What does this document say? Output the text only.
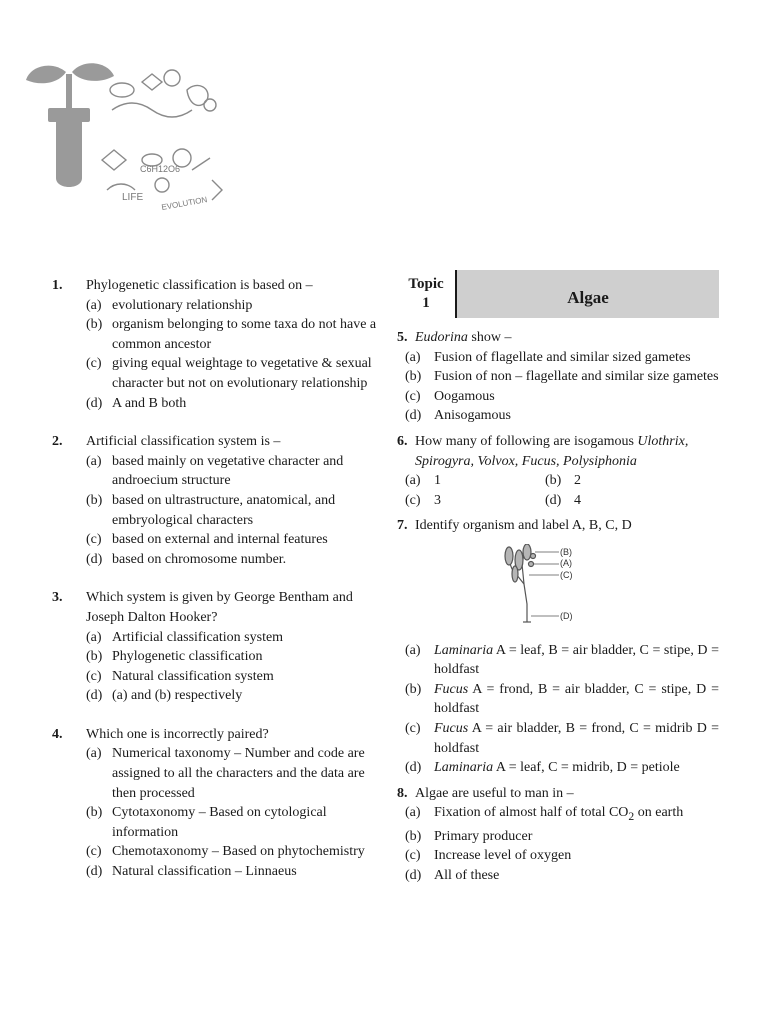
C6H12O6
LIFE EVOLUTION
1.	Phylogenetic classification is based on –
(a) evolutionary relationship
(b) organism belonging to some taxa do not have a common ancestor
(c) giving equal weightage to vegetative & sexual character but not on evolutionary relationship
(d) A and B both
2.	Artificial classification system is –
(a) based mainly on vegetative character and androecium structure
(b) based on ultrastructure, anatomical, and embryological characters
(c) based on external and internal features
(d) based on chromosome number.
3.	Which system is given by George Bentham and Joseph Dalton Hooker?
(a) Artificial classification system
(b) Phylogenetic classification
(c) Natural classification system
(d) (a) and (b) respectively
4.	Which one is incorrectly paired?
(a) Numerical taxonomy – Number and code are assigned to all the characters and the data are then processed
(b) Cytotaxonomy – Based on cytological information
(c) Chemotaxonomy – Based on phytochemistry
(d) Natural classification – Linnaeus
Topic
1	Algae
5. Eudorina show –
(a) Fusion of flagellate and similar sized gametes
(b) Fusion of non – flagellate and similar size gametes
(c) Oogamous
(d) Anisogamous
6. How many of following are isogamous Ulothrix, Spirogyra, Volvox, Fucus, Polysiphonia
(a) 1	(b) 2
(c) 3	(d) 4
7. Identify organism and label A, B, C, D
(B)
(A)
(C)
(D)
(a) Laminaria A = leaf, B = air bladder, C = stipe, D = holdfast
(b) Fucus A = frond, B = air bladder, C = stipe, D = holdfast
(c) Fucus A = air bladder, B = frond, C = midrib D = holdfast
(d) Laminaria A = leaf, C = midrib, D = petiole
8. Algae are useful to man in –
(a) Fixation of almost half of total $CO_2$ on earth
(b) Primary producer
(c) Increase level of oxygen
(d) All of these
